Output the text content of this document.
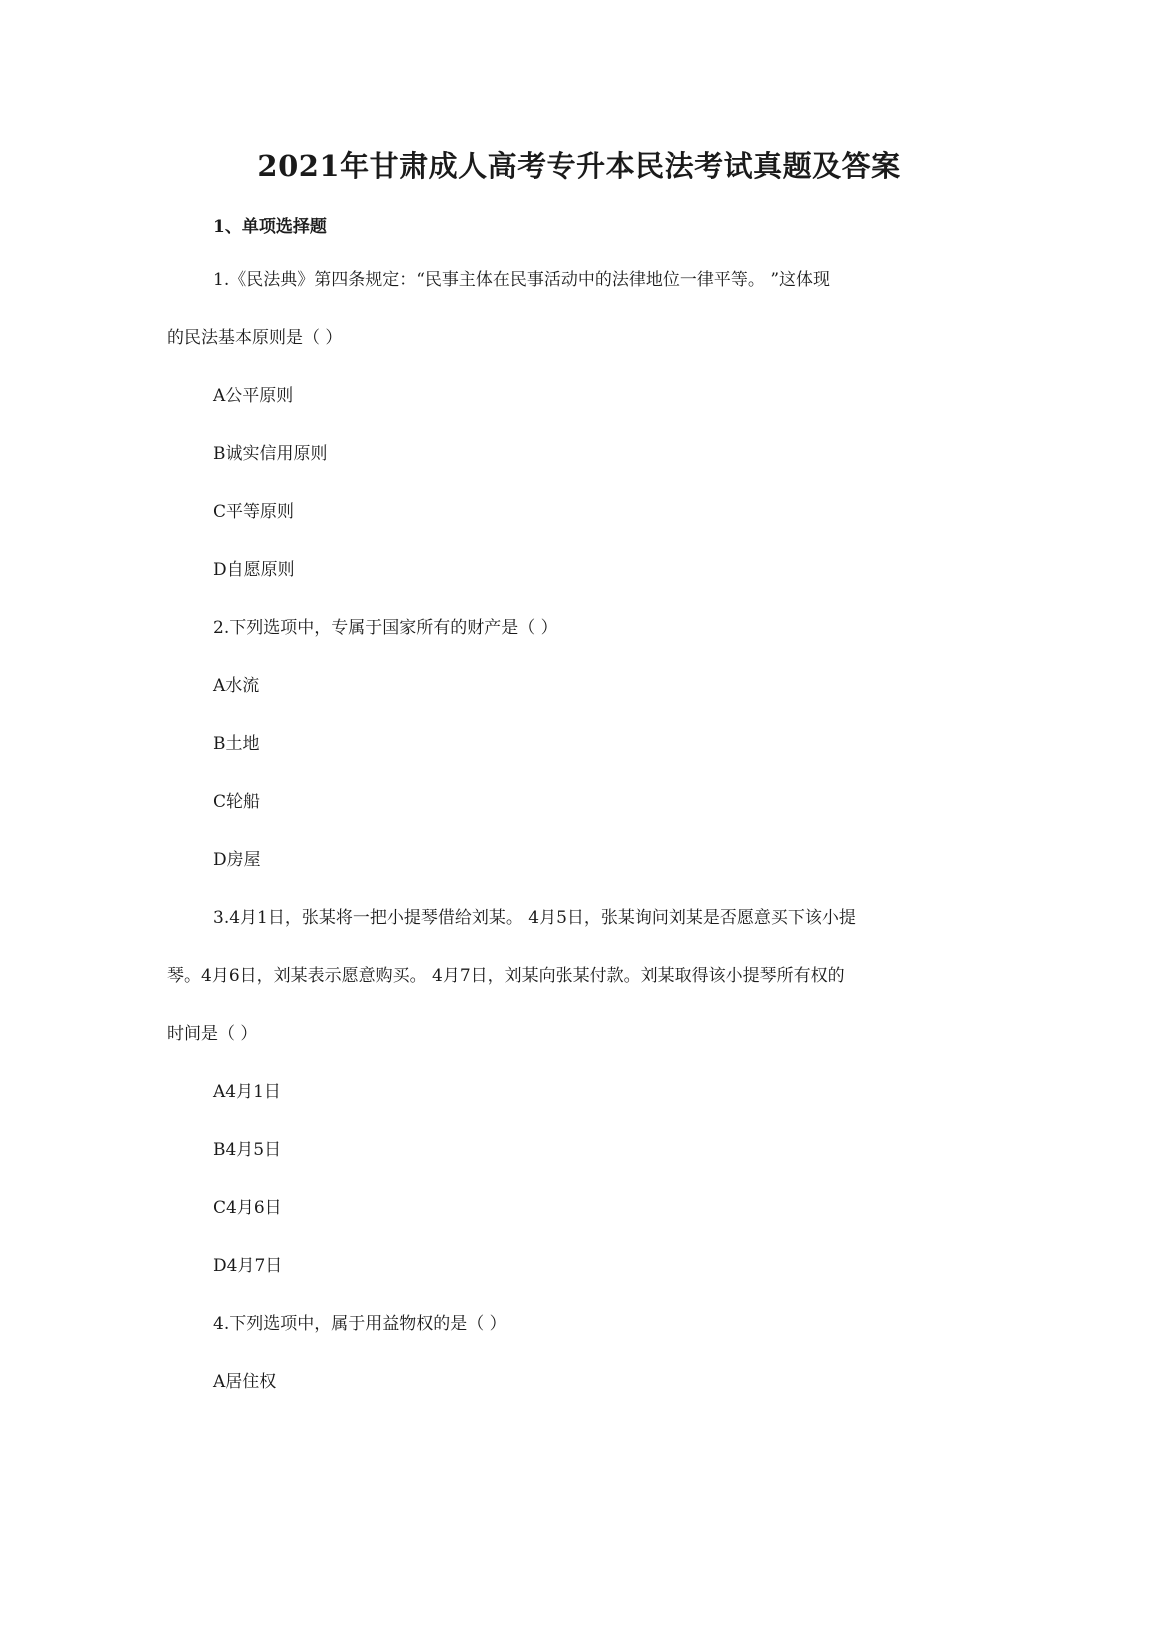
2021年甘肃成人高考专升本民法考试真题及答案
1、单项选择题
1.《民法典》第四条规定：“民事主体在民事活动中的法律地位一律平等。 ”这体现
的民法基本原则是（ ）
A公平原则
B诚实信用原则
C平等原则
D自愿原则
2.下列选项中，专属于国家所有的财产是（ ）
A水流
B土地
C轮船
D房屋
3.4月1日，张某将一把小提琴借给刘某。 4月5日，张某询问刘某是否愿意买下该小提
琴。4月6日，刘某表示愿意购买。 4月7日，刘某向张某付款。刘某取得该小提琴所有权的
时间是（ ）
A4月1日
B4月5日
C4月6日
D4月7日
4.下列选项中，属于用益物权的是（ ）
A居住权
